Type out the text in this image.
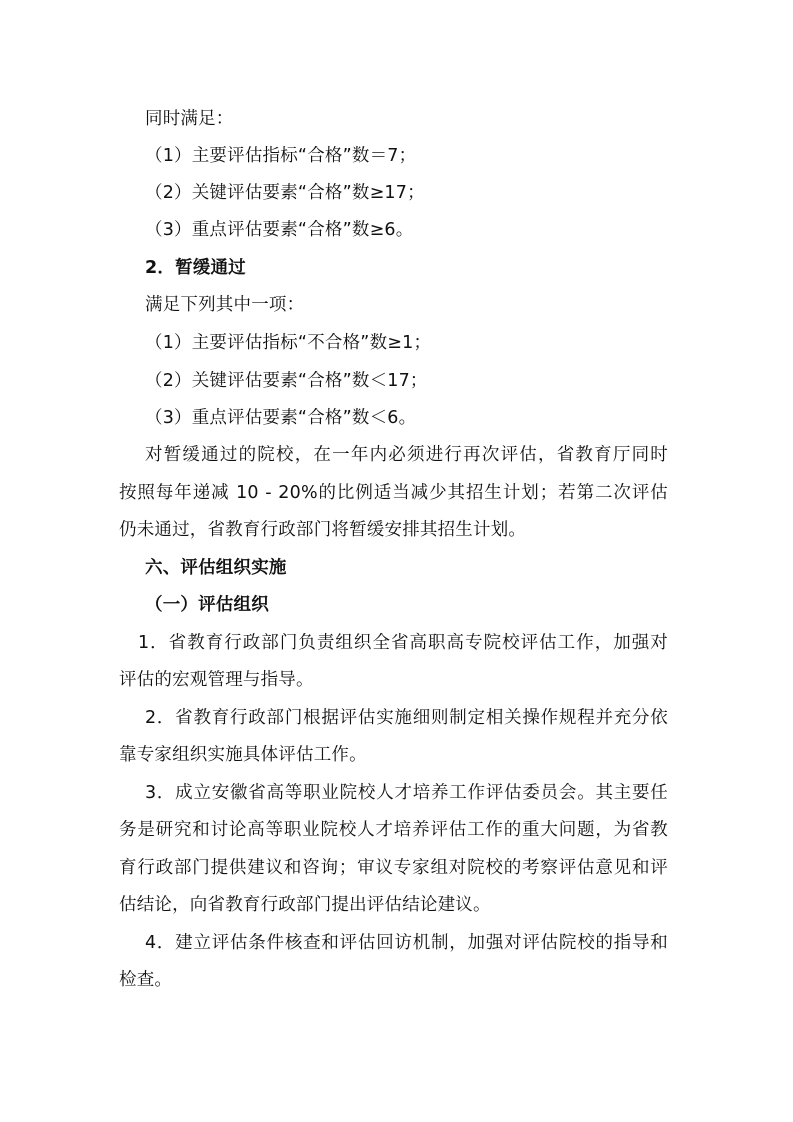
同时满足：
（1）主要评估指标“合格”数＝7；
（2）关键评估要素“合格”数≥17；
（3）重点评估要素“合格”数≥6。
2．暂缓通过
满足下列其中一项：
（1）主要评估指标“不合格”数≥1；
（2）关键评估要素“合格”数＜17；
（3）重点评估要素“合格”数＜6。
对暂缓通过的院校，在一年内必须进行再次评估，省教育厅同时
按照每年递减 10 - 20%的比例适当减少其招生计划；若第二次评估
仍未通过，省教育行政部门将暂缓安排其招生计划。
六、评估组织实施
（一）评估组织
1．省教育行政部门负责组织全省高职高专院校评估工作，加强对
评估的宏观管理与指导。
2．省教育行政部门根据评估实施细则制定相关操作规程并充分依
靠专家组织实施具体评估工作。
3．成立安徽省高等职业院校人才培养工作评估委员会。其主要任
务是研究和讨论高等职业院校人才培养评估工作的重大问题，为省教
育行政部门提供建议和咨询；审议专家组对院校的考察评估意见和评
估结论，向省教育行政部门提出评估结论建议。
4．建立评估条件核查和评估回访机制，加强对评估院校的指导和
检查。
